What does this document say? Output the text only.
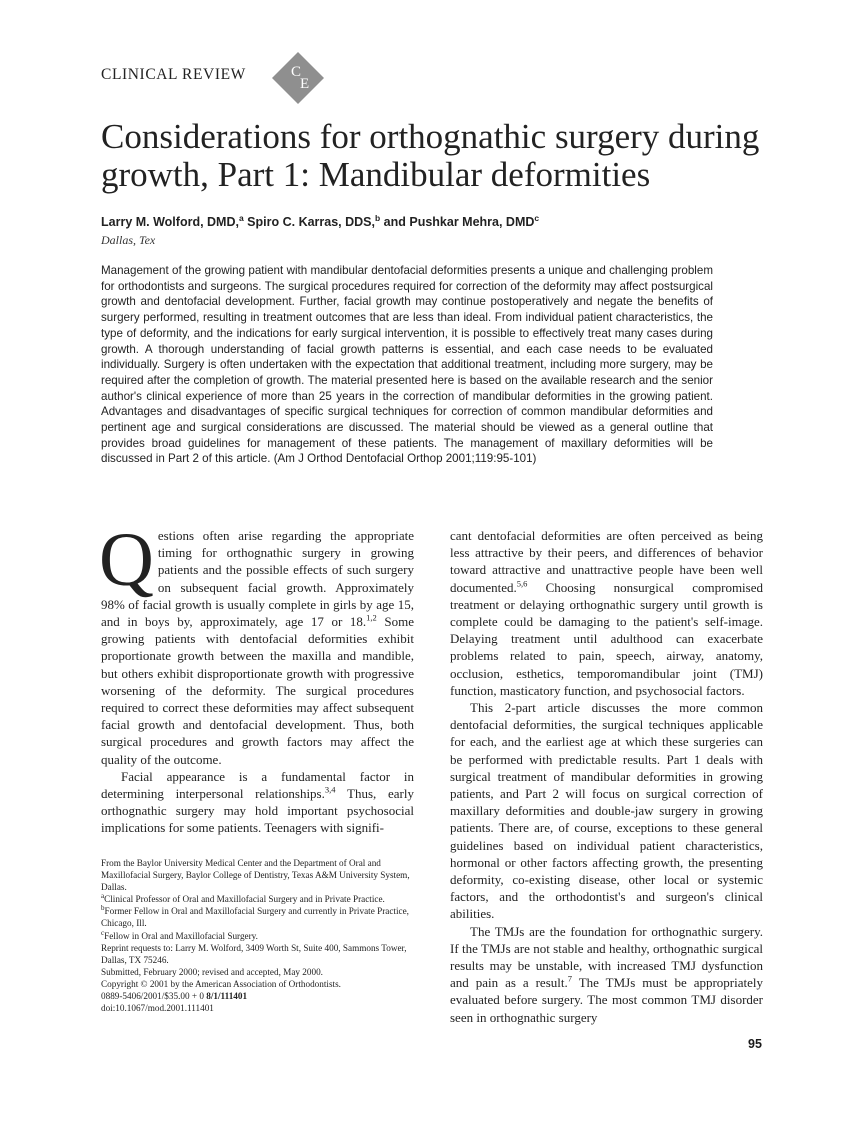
CLINICAL REVIEW	C
E
Considerations for orthognathic surgery during growth, Part 1: Mandibular deformities
Larry M. Wolford, DMD,$^a$ Spiro C. Karras, DDS,$^b$ and Pushkar Mehra, DMD$^c$
Dallas, Tex

Management of the growing patient with mandibular dentofacial deformities presents a unique and challenging problem for orthodontists and surgeons. The surgical procedures required for correction of the deformity may affect postsurgical growth and dentofacial development. Further, facial growth may continue postoperatively and negate the benefits of surgery performed, resulting in treatment outcomes that are less than ideal. From individual patient characteristics, the type of deformity, and the indications for early surgical intervention, it is possible to effectively treat many cases during growth. A thorough understanding of facial growth patterns is essential, and each case needs to be evaluated individually. Surgery is often undertaken with the expectation that additional treatment, including more surgery, may be required after the completion of growth. The material presented here is based on the available research and the senior author's clinical experience of more than 25 years in the correction of mandibular deformities in the growing patient. Advantages and disadvantages of specific surgical techniques for correction of common mandibular deformities and pertinent age and surgical considerations are discussed. The material should be viewed as a general outline that provides broad guidelines for management of these patients. The management of maxillary deformities will be discussed in Part 2 of this article. (Am J Orthod Dentofacial Orthop 2001;119:95-101)

Qestions often arise regarding the appropriate timing for orthognathic surgery in growing patients and the possible effects of such surgery on subsequent facial growth. Approximately 98% of facial growth is usually complete in girls by age 15, and in boys by, approximately, age 17 or 18.$^{1,2}$ Some growing patients with dentofacial deformities exhibit proportionate growth between the maxilla and mandible, but others exhibit disproportionate growth with progressive worsening of the deformity. The surgical procedures required to correct these deformities may affect subsequent facial growth and dentofacial development. Thus, both surgical procedures and growth factors may affect the quality of the outcome.

Facial appearance is a fundamental factor in determining interpersonal relationships.$^{3,4}$ Thus, early orthognathic surgery may hold important psychosocial implications for some patients. Teenagers with signifi-

From the Baylor University Medical Center and the Department of Oral and Maxillofacial Surgery, Baylor College of Dentistry, Texas A&M University System, Dallas.
$^a$Clinical Professor of Oral and Maxillofacial Surgery and in Private Practice.
$^b$Former Fellow in Oral and Maxillofacial Surgery and currently in Private Practice, Chicago, Ill.
$^c$Fellow in Oral and Maxillofacial Surgery.
Reprint requests to: Larry M. Wolford, 3409 Worth St, Suite 400, Sammons Tower, Dallas, TX 75246.
Submitted, February 2000; revised and accepted, May 2000.
Copyright © 2001 by the American Association of Orthodontists.
0889-5406/2001/$35.00 + 0 8/1/111401
doi:10.1067/mod.2001.111401

cant dentofacial deformities are often perceived as being less attractive by their peers, and differences of behavior toward attractive and unattractive people have been well documented.$^{5,6}$ Choosing nonsurgical compromised treatment or delaying orthognathic surgery until growth is complete could be damaging to the patient's self-image. Delaying treatment until adulthood can exacerbate problems related to pain, speech, airway, anatomy, occlusion, esthetics, temporomandibular joint (TMJ) function, masticatory function, and psychosocial factors.

This 2-part article discusses the more common dentofacial deformities, the surgical techniques applicable for each, and the earliest age at which these surgeries can be performed with predictable results. Part 1 deals with surgical treatment of mandibular deformities in growing patients, and Part 2 will focus on surgical correction of maxillary deformities and double-jaw surgery in growing patients. There are, of course, exceptions to these general guidelines based on individual patient characteristics, hormonal or other factors affecting growth, the presenting deformity, co-existing disease, other local or systemic factors, and the orthodontist's and surgeon's clinical abilities.

The TMJs are the foundation for orthognathic surgery. If the TMJs are not stable and healthy, orthognathic surgical results may be unstable, with increased TMJ dysfunction and pain as a result.$^7$ The TMJs must be appropriately evaluated before surgery. The most common TMJ disorder seen in orthognathic surgery

95
